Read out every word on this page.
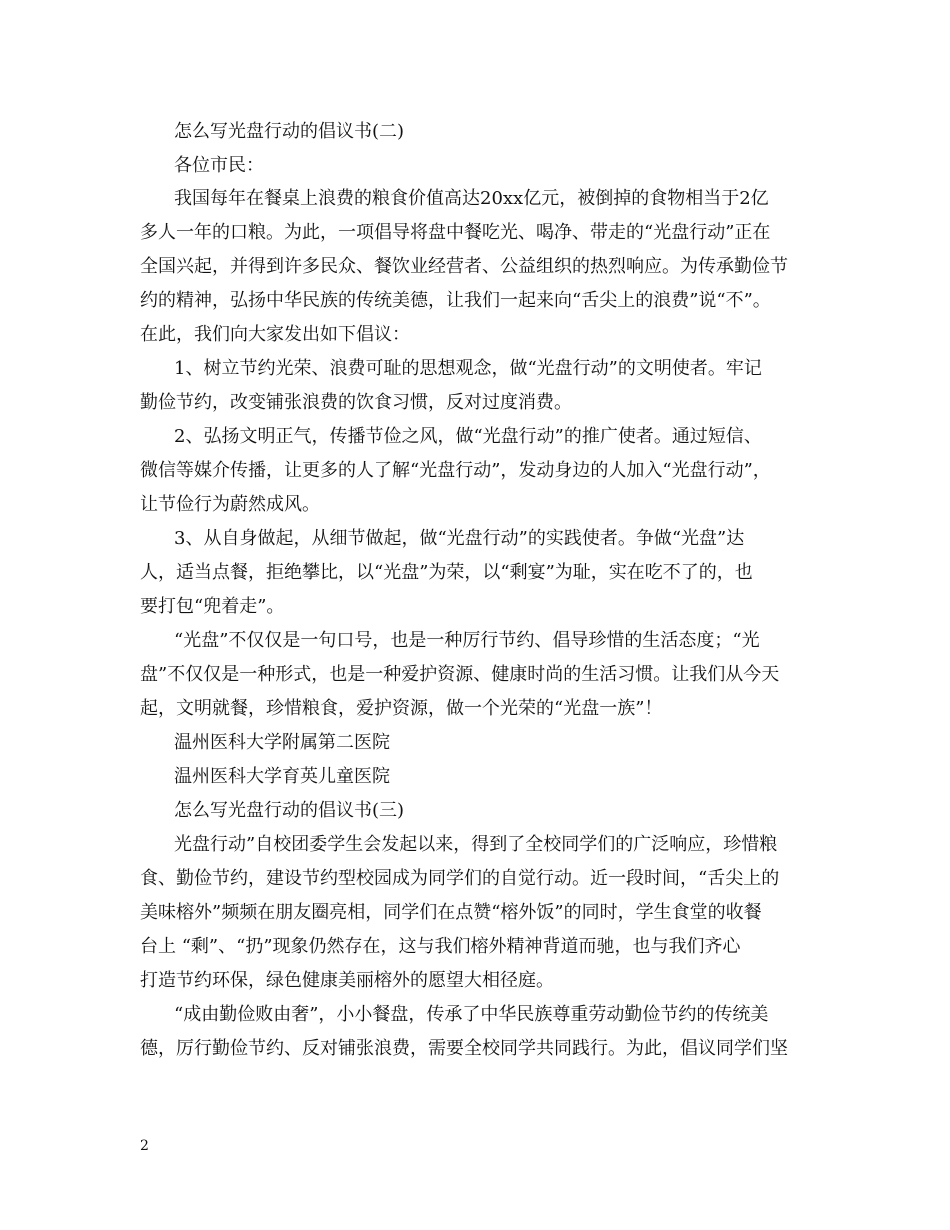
怎么写光盘行动的倡议书(二)
各位市民：
我国每年在餐桌上浪费的粮食价值高达20xx亿元，被倒掉的食物相当于2亿
多人一年的口粮。为此，一项倡导将盘中餐吃光、喝净、带走的“光盘行动”正在
全国兴起，并得到许多民众、餐饮业经营者、公益组织的热烈响应。为传承勤俭节
约的精神，弘扬中华民族的传统美德，让我们一起来向“舌尖上的浪费”说“不”。
在此，我们向大家发出如下倡议：
1、树立节约光荣、浪费可耻的思想观念，做“光盘行动”的文明使者。牢记
勤俭节约，改变铺张浪费的饮食习惯，反对过度消费。
2、弘扬文明正气，传播节俭之风，做“光盘行动”的推广使者。通过短信、
微信等媒介传播，让更多的人了解“光盘行动”，发动身边的人加入“光盘行动”，
让节俭行为蔚然成风。
3、从自身做起，从细节做起，做“光盘行动”的实践使者。争做“光盘”达
人，适当点餐，拒绝攀比，以“光盘”为荣，以“剩宴”为耻，实在吃不了的，也
要打包“兜着走”。
“光盘”不仅仅是一句口号，也是一种厉行节约、倡导珍惜的生活态度；“光
盘”不仅仅是一种形式，也是一种爱护资源、健康时尚的生活习惯。让我们从今天
起，文明就餐，珍惜粮食，爱护资源，做一个光荣的“光盘一族”！
温州医科大学附属第二医院
温州医科大学育英儿童医院
怎么写光盘行动的倡议书(三)
光盘行动”自校团委学生会发起以来，得到了全校同学们的广泛响应，珍惜粮
食、勤俭节约，建设节约型校园成为同学们的自觉行动。近一段时间，“舌尖上的
美味榕外”频频在朋友圈亮相，同学们在点赞“榕外饭”的同时，学生食堂的收餐
台上 “剩”、“扔”现象仍然存在，这与我们榕外精神背道而驰，也与我们齐心
打造节约环保，绿色健康美丽榕外的愿望大相径庭。
“成由勤俭败由奢”，小小餐盘，传承了中华民族尊重劳动勤俭节约的传统美
德，厉行勤俭节约、反对铺张浪费，需要全校同学共同践行。为此，倡议同学们坚
2
